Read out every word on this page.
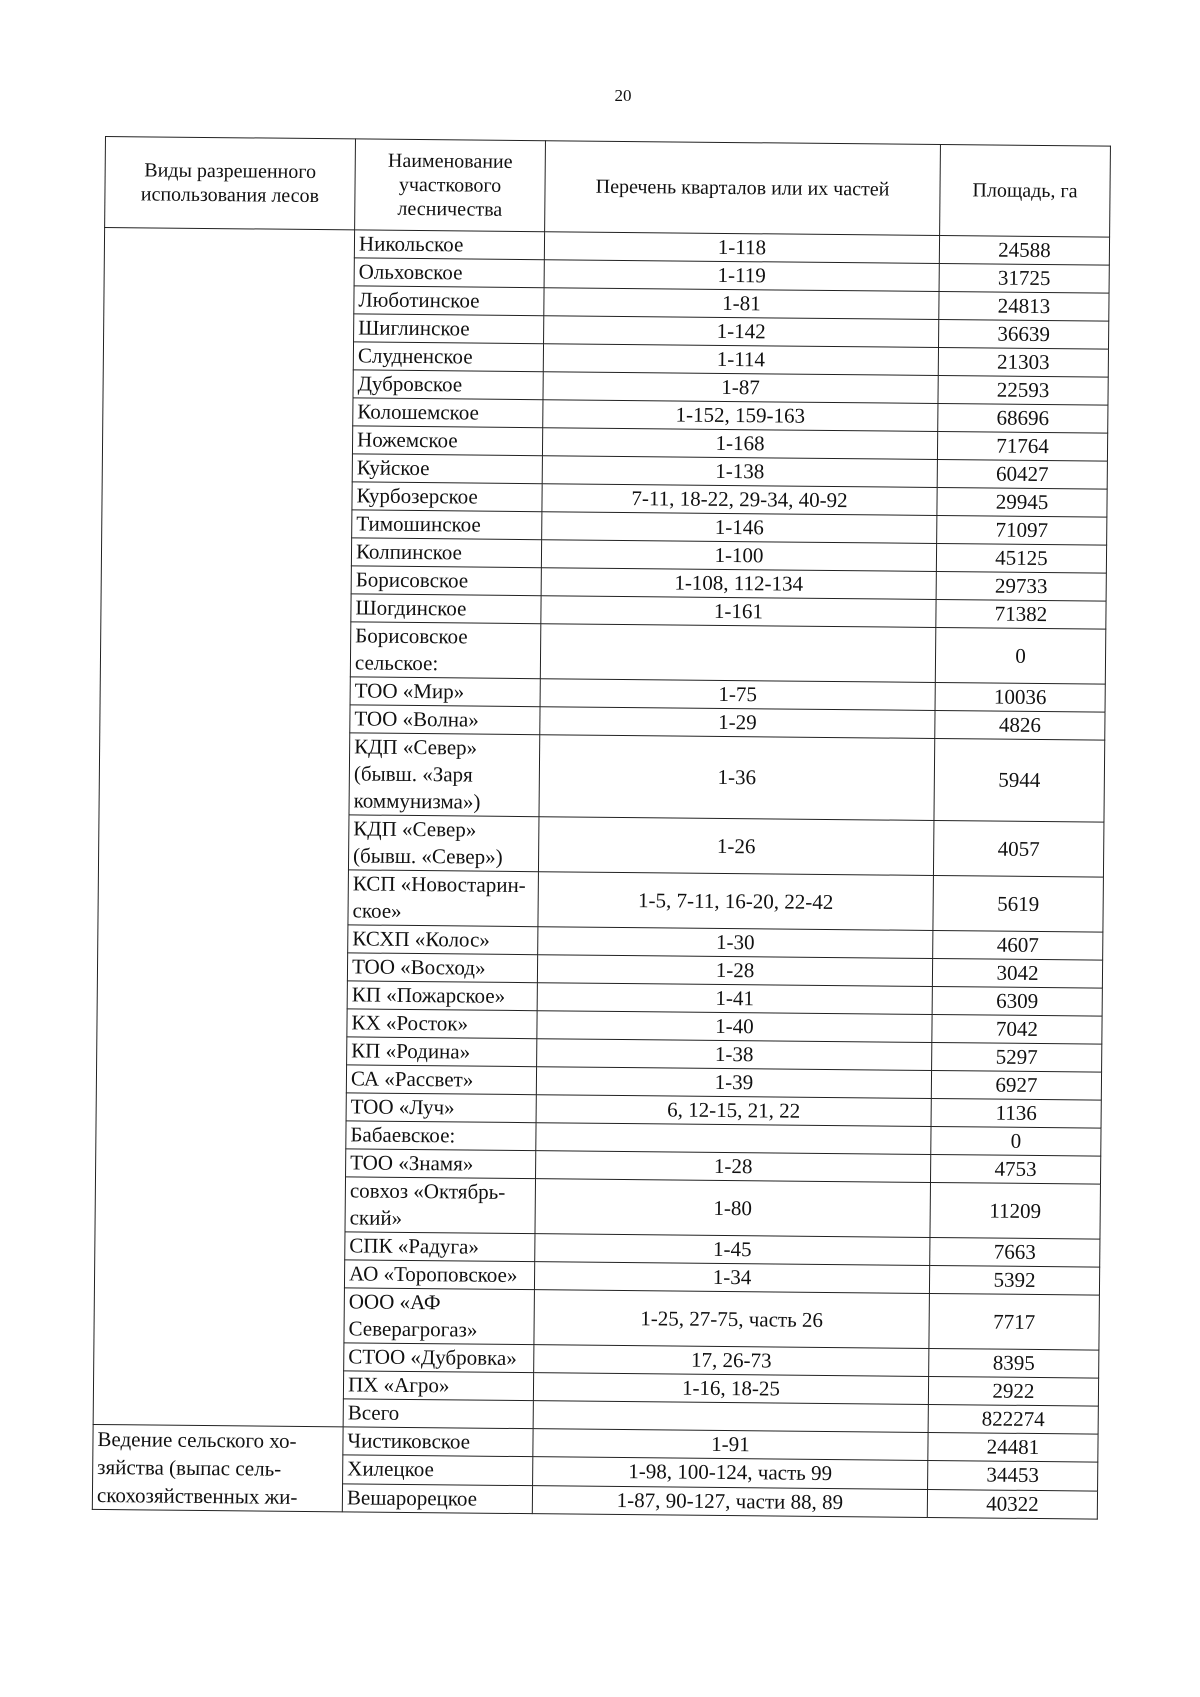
20
Виды разрешенного использования лесов	Наименование участкового лесничества	Перечень кварталов или их частей	Площадь, га
	Никольское	1-118	24588
	Ольховское	1-119	31725
	Люботинское	1-81	24813
	Шиглинское	1-142	36639
	Слудненское	1-114	21303
	Дубровское	1-87	22593
	Колошемское	1-152, 159-163	68696
	Ножемское	1-168	71764
	Куйское	1-138	60427
	Курбозерское	7-11, 18-22, 29-34, 40-92	29945
	Тимошинское	1-146	71097
	Колпинское	1-100	45125
	Борисовское	1-108, 112-134	29733
	Шогдинское	1-161	71382
	Борисовское сельское:		0
	ТОО «Мир»	1-75	10036
	ТОО «Волна»	1-29	4826
	КДП «Север» (бывш. «Заря коммунизма»)	1-36	5944
	КДП «Север» (бывш. «Север»)	1-26	4057
	КСП «Новостарин-ское»	1-5, 7-11, 16-20, 22-42	5619
	КСХП «Колос»	1-30	4607
	ТОО «Восход»	1-28	3042
	КП «Пожарское»	1-41	6309
	КХ «Росток»	1-40	7042
	КП «Родина»	1-38	5297
	СА «Рассвет»	1-39	6927
	ТОО «Луч»	6, 12-15, 21, 22	1136
	Бабаевское:		0
	ТОО «Знамя»	1-28	4753
	совхоз «Октябрь-ский»	1-80	11209
	СПК «Радуга»	1-45	7663
	АО «Тороповское»	1-34	5392
	ООО «АФ Северагрогаз»	1-25, 27-75, часть 26	7717
	СТОО «Дубровка»	17, 26-73	8395
	ПХ «Агро»	1-16, 18-25	2922
	Всего		822274
Ведение сельского хо-зяйства (выпас сель-скохозяйственных жи-	Чистиковское	1-91	24481
	Хилецкое	1-98, 100-124, часть 99	34453
	Вешарорецкое	1-87, 90-127, части 88, 89	40322
